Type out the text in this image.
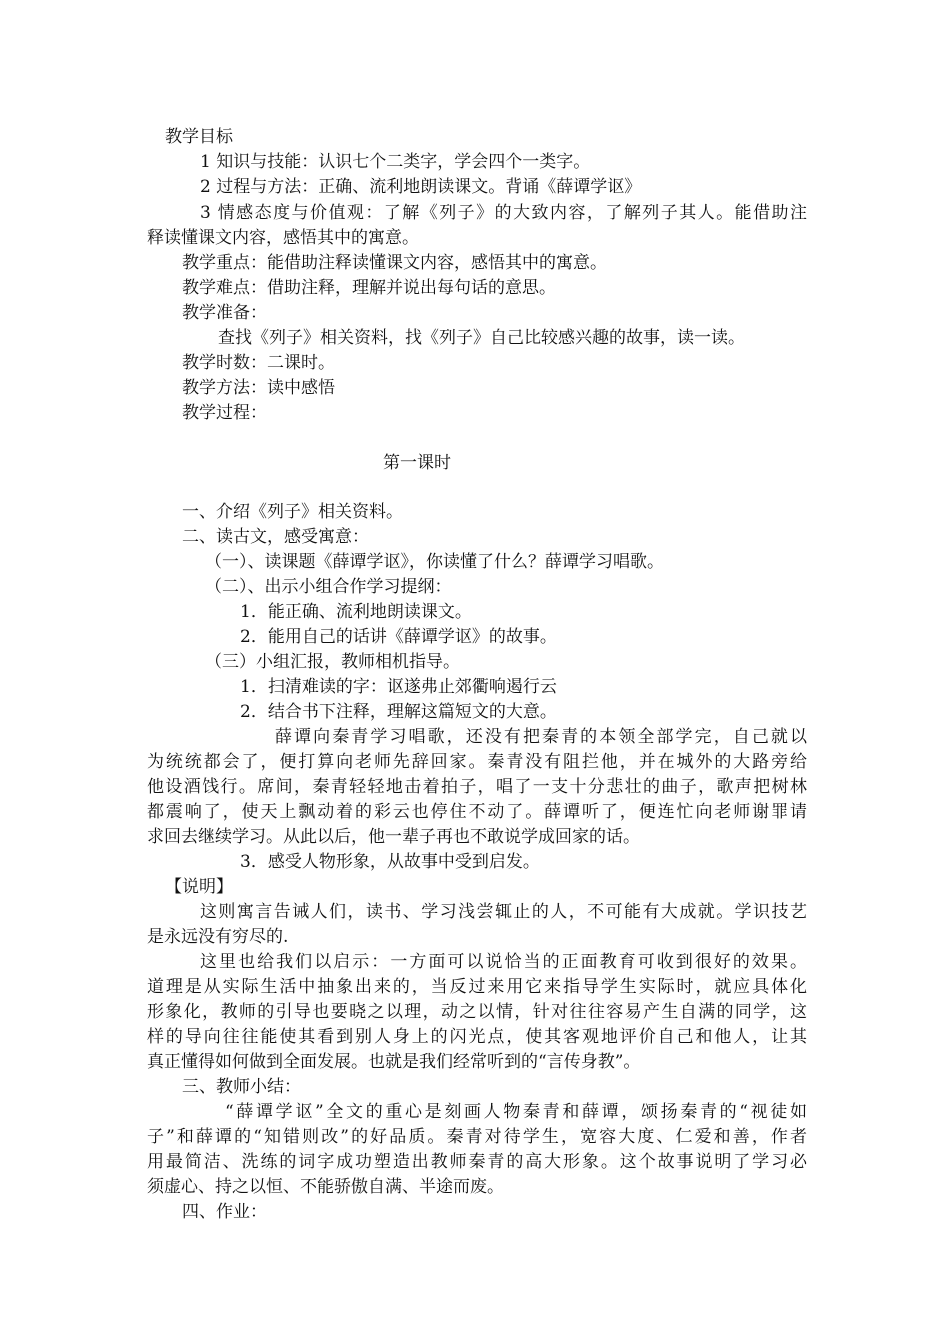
教学目标
1 知识与技能：认识七个二类字，学会四个一类字。
2 过程与方法：正确、流利地朗读课文。背诵《薛谭学讴》
3 情感态度与价值观：了解《列子》的大致内容，了解列子其人。能借助注
释读懂课文内容，感悟其中的寓意。
教学重点：能借助注释读懂课文内容，感悟其中的寓意。
教学难点：借助注释，理解并说出每句话的意思。
教学准备：
查找《列子》相关资料，找《列子》自己比较感兴趣的故事，读一读。
教学时数：二课时。
教学方法：读中感悟
教学过程：
第一课时
一、介绍《列子》相关资料。
二、读古文，感受寓意：
（一）、读课题《薛谭学讴》，你读懂了什么？薛谭学习唱歌。
（二）、出示小组合作学习提纲：
1．能正确、流利地朗读课文。
2．能用自己的话讲《薛谭学讴》的故事。
（三）小组汇报，教师相机指导。
1．扫清难读的字：讴遂弗止郊衢响遏行云
2．结合书下注释，理解这篇短文的大意。
薛谭向秦青学习唱歌，还没有把秦青的本领全部学完，自己就以
为统统都会了，便打算向老师先辞回家。秦青没有阻拦他，并在城外的大路旁给
他设酒饯行。席间，秦青轻轻地击着拍子，唱了一支十分悲壮的曲子，歌声把树林
都震响了，使天上飘动着的彩云也停住不动了。薛谭听了，便连忙向老师谢罪请
求回去继续学习。从此以后，他一辈子再也不敢说学成回家的话。
3．感受人物形象，从故事中受到启发。
【说明】
这则寓言告诫人们，读书、学习浅尝辄止的人，不可能有大成就。学识技艺
是永远没有穷尽的.
这里也给我们以启示：一方面可以说恰当的正面教育可收到很好的效果。
道理是从实际生活中抽象出来的，当反过来用它来指导学生实际时，就应具体化
形象化，教师的引导也要晓之以理，动之以情，针对往往容易产生自满的同学，这
样的导向往往能使其看到别人身上的闪光点，使其客观地评价自己和他人，让其
真正懂得如何做到全面发展。也就是我们经常听到的“言传身教”。
三、教师小结：
“薛谭学讴”全文的重心是刻画人物秦青和薛谭，颂扬秦青的“视徒如
子”和薛谭的“知错则改”的好品质。秦青对待学生，宽容大度、仁爱和善，作者
用最简洁、洗练的词字成功塑造出教师秦青的高大形象。这个故事说明了学习必
须虚心、持之以恒、不能骄傲自满、半途而废。
四、作业：
